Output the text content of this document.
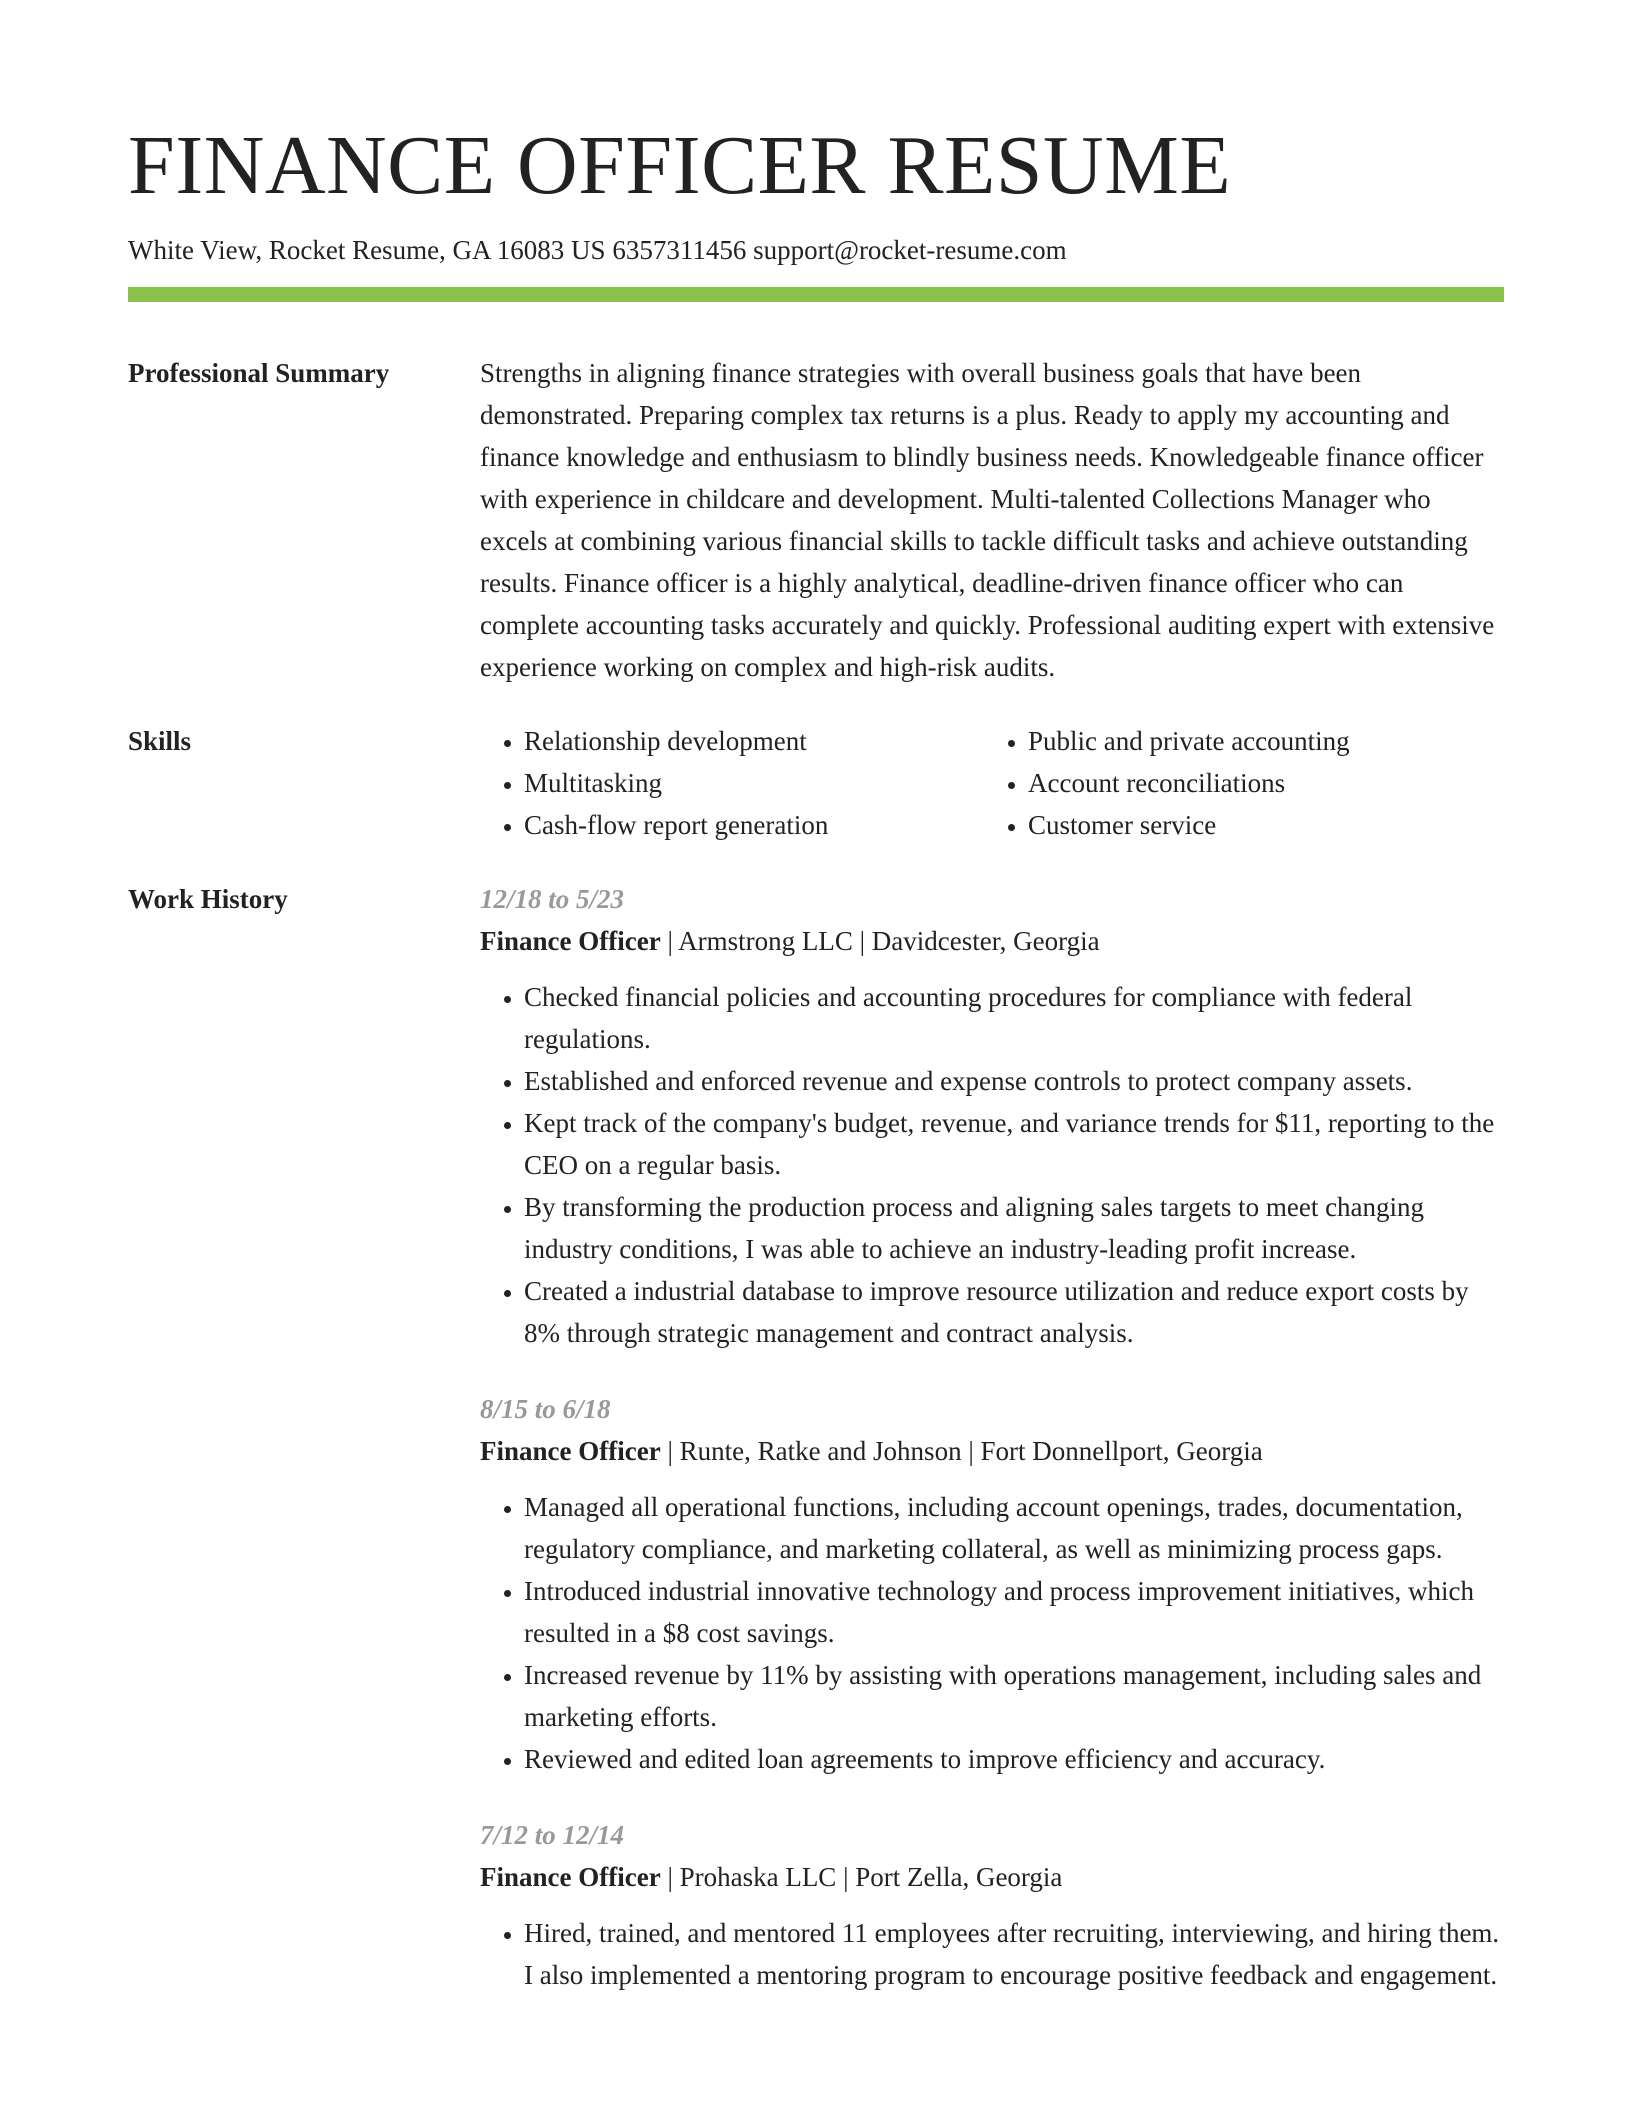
FINANCE OFFICER RESUME
White View, Rocket Resume, GA 16083 US 6357311456 support@rocket-resume.com
Professional Summary	Strengths in aligning finance strategies with overall business goals that have been demonstrated. Preparing complex tax returns is a plus. Ready to apply my accounting and finance knowledge and enthusiasm to blindly business needs. Knowledgeable finance officer with experience in childcare and development. Multi-talented Collections Manager who excels at combining various financial skills to tackle difficult tasks and achieve outstanding results. Finance officer is a highly analytical, deadline-driven finance officer who can complete accounting tasks accurately and quickly. Professional auditing expert with extensive experience working on complex and high-risk audits.

Skills
•	Relationship development
• Multitasking
• Cash-flow report generation
• Public and private accounting
• Account reconciliations
• Customer service
Work History	12/18 to 5/23
Finance Officer | Armstrong LLC | Davidcester, Georgia
• Checked financial policies and accounting procedures for compliance with federal regulations.
• Established and enforced revenue and expense controls to protect company assets.
• Kept track of the company's budget, revenue, and variance trends for $11, reporting to the CEO on a regular basis.
• By transforming the production process and aligning sales targets to meet changing industry conditions, I was able to achieve an industry-leading profit increase.
• Created a industrial database to improve resource utilization and reduce export costs by 8% through strategic management and contract analysis.
8/15 to 6/18
Finance Officer | Runte, Ratke and Johnson | Fort Donnellport, Georgia
• Managed all operational functions, including account openings, trades, documentation, regulatory compliance, and marketing collateral, as well as minimizing process gaps.
• Introduced industrial innovative technology and process improvement initiatives, which resulted in a $8 cost savings.
• Increased revenue by 11% by assisting with operations management, including sales and marketing efforts.
• Reviewed and edited loan agreements to improve efficiency and accuracy.
7/12 to 12/14
Finance Officer | Prohaska LLC | Port Zella, Georgia
• Hired, trained, and mentored 11 employees after recruiting, interviewing, and hiring them. I also implemented a mentoring program to encourage positive feedback and engagement.
